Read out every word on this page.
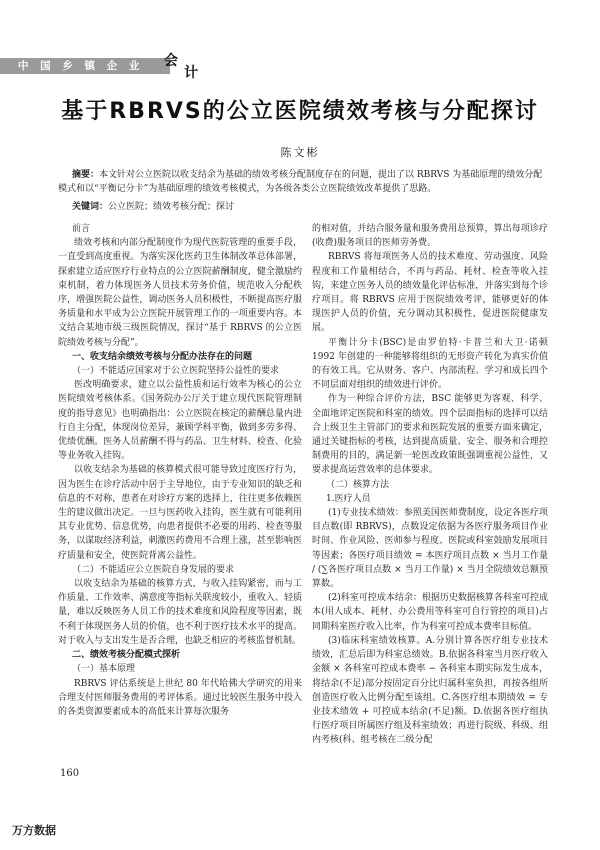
中 国 乡 镇 企 业 会
计
基于RBRVS的公立医院绩效考核与分配探讨
陈文彬
摘要：本文针对公立医院以收支结余为基础的绩效考核分配制度存在的问题，提出了以 RBRVS 为基础原理的绩效分配模式和以“平衡记分卡”为基础原理的绩效考核模式，为各级各类公立医院绩效改革提供了思路。
关键词：公立医院；绩效考核分配；探讨

前言

绩效考核和内部分配制度作为现代医院管理的重要手段，一直受到高度重视。为落实深化医药卫生体制改革总体部署，探索建立适应医疗行业特点的公立医院薪酬制度，健全激励约束机制，着力体现医务人员技术劳务价值，规范收入分配秩序，增强医院公益性，调动医务人员积极性，不断提高医疗服务质量和水平成为公立医院开展管理工作的一项重要内容。本文结合某地市级三级医院情况，探讨“基于 RBRVS 的公立医院绩效考核与分配”。

一、收支结余绩效考核与分配办法存在的问题

（一）不能适应国家对于公立医院坚持公益性的要求

医改明确要求，建立以公益性质和运行效率为核心的公立医院绩效考核体系。《国务院办公厅关于建立现代医院管理制度的指导意见》也明确指出：公立医院在核定的薪酬总量内进行自主分配，体现岗位差异，兼顾学科平衡，做到多劳多得、优绩优酬。医务人员薪酬不得与药品、卫生材料、检查、化验等业务收入挂钩。

以收支结余为基础的核算模式很可能导致过度医疗行为，因为医生在诊疗活动中居于主导地位，由于专业知识的缺乏和信息的不对称，患者在对诊疗方案的选择上，往往更多依赖医生的建议做出决定。一旦与医药收入挂钩，医生就有可能利用其专业优势、信息优势，向患者提供不必要的用药、检查等服务，以谋取经济利益，刺激医药费用不合理上涨，甚至影响医疗质量和安全，使医院背离公益性。

（二）不能适应公立医院自身发展的要求

以收支结余为基础的核算方式，与收入挂钩紧密，而与工作质量、工作效率、满意度等指标关联度较小，重收入、轻质量，难以反映医务人员工作的技术难度和风险程度等因素，既不利于体现医务人员的价值，也不利于医疗技术水平的提高。对于收入与支出发生是否合理，也缺乏相应的考核监督机制。

二、绩效考核分配模式探析

（一）基本原理

RBRVS 评估系统是上世纪 80 年代哈佛大学研究的用来合理支付医师服务费用的考评体系。通过比较医生服务中投入的各类资源要素成本的高低来计算每次服务

的相对值，并结合服务量和服务费用总预算，算出每项诊疗(收费)服务项目的医师劳务费。

RBRVS 将每项医务人员的技术难度、劳动强度、风险程度和工作量相结合，不再与药品、耗材、检查等收入挂钩，来建立医务人员的绩效量化评估标准，并落实到每个诊疗项目。将 RBRVS 应用于医院绩效考评，能够更好的体现医护人员的价值，充分调动其积极性，促进医院健康发展。

平衡计分卡(BSC)是由罗伯特·卡普兰和大卫·诺顿 1992 年创建的一种能够将组织的无形资产转化为真实价值的有效工具。它从财务、客户、内部流程、学习和成长四个不同层面对组织的绩效进行评价。

作为一种综合评价方法，BSC 能够更为客观、科学、全面地评定医院和科室的绩效。四个层面指标的选择可以结合上级卫生主管部门的要求和医院发展的重要方面来确定，通过关键指标的考核，达到提高质量、安全、服务和合理控制费用的目的，满足新一轮医改政策既强调重视公益性，又要求提高运营效率的总体要求。

（二）核算方法

1.医疗人员

(1)专业技术绩效：参照美国医师费制度，设定各医疗项目点数(即 RBRVS)，点数设定依据为各医疗服务项目作业时间、作业风险、医师参与程度、医院或科室鼓励发展项目等因素；各医疗项目绩效 = 本医疗项目点数 × 当月工作量 / (∑各医疗项目点数 × 当月工作量) × 当月全院绩效总额预算数。

(2)科室可控成本结余：根据历史数据核算各科室可控成本(用人成本、耗材、办公费用等科室可自行管控的项目)占同期科室医疗收入比率，作为科室可控成本费率目标值。

(3)临床科室绩效核算。A.分别计算各医疗组专业技术绩效，汇总后即为科室总绩效。B.依据各科室当月医疗收入金额 × 各科室可控成本费率 − 各科室本期实际发生成本，将结余(不足)部分按固定百分比归属科室负担，再按各组所创造医疗收入比例分配至该组。C.各医疗组本期绩效 = 专业技术绩效 + 可控成本结余(不足)额。D.依据各医疗组执行医疗项目所属医疗组及科室绩效；再进行院级、科级、组内考核(科、组考核在二级分配

160
万方数据
